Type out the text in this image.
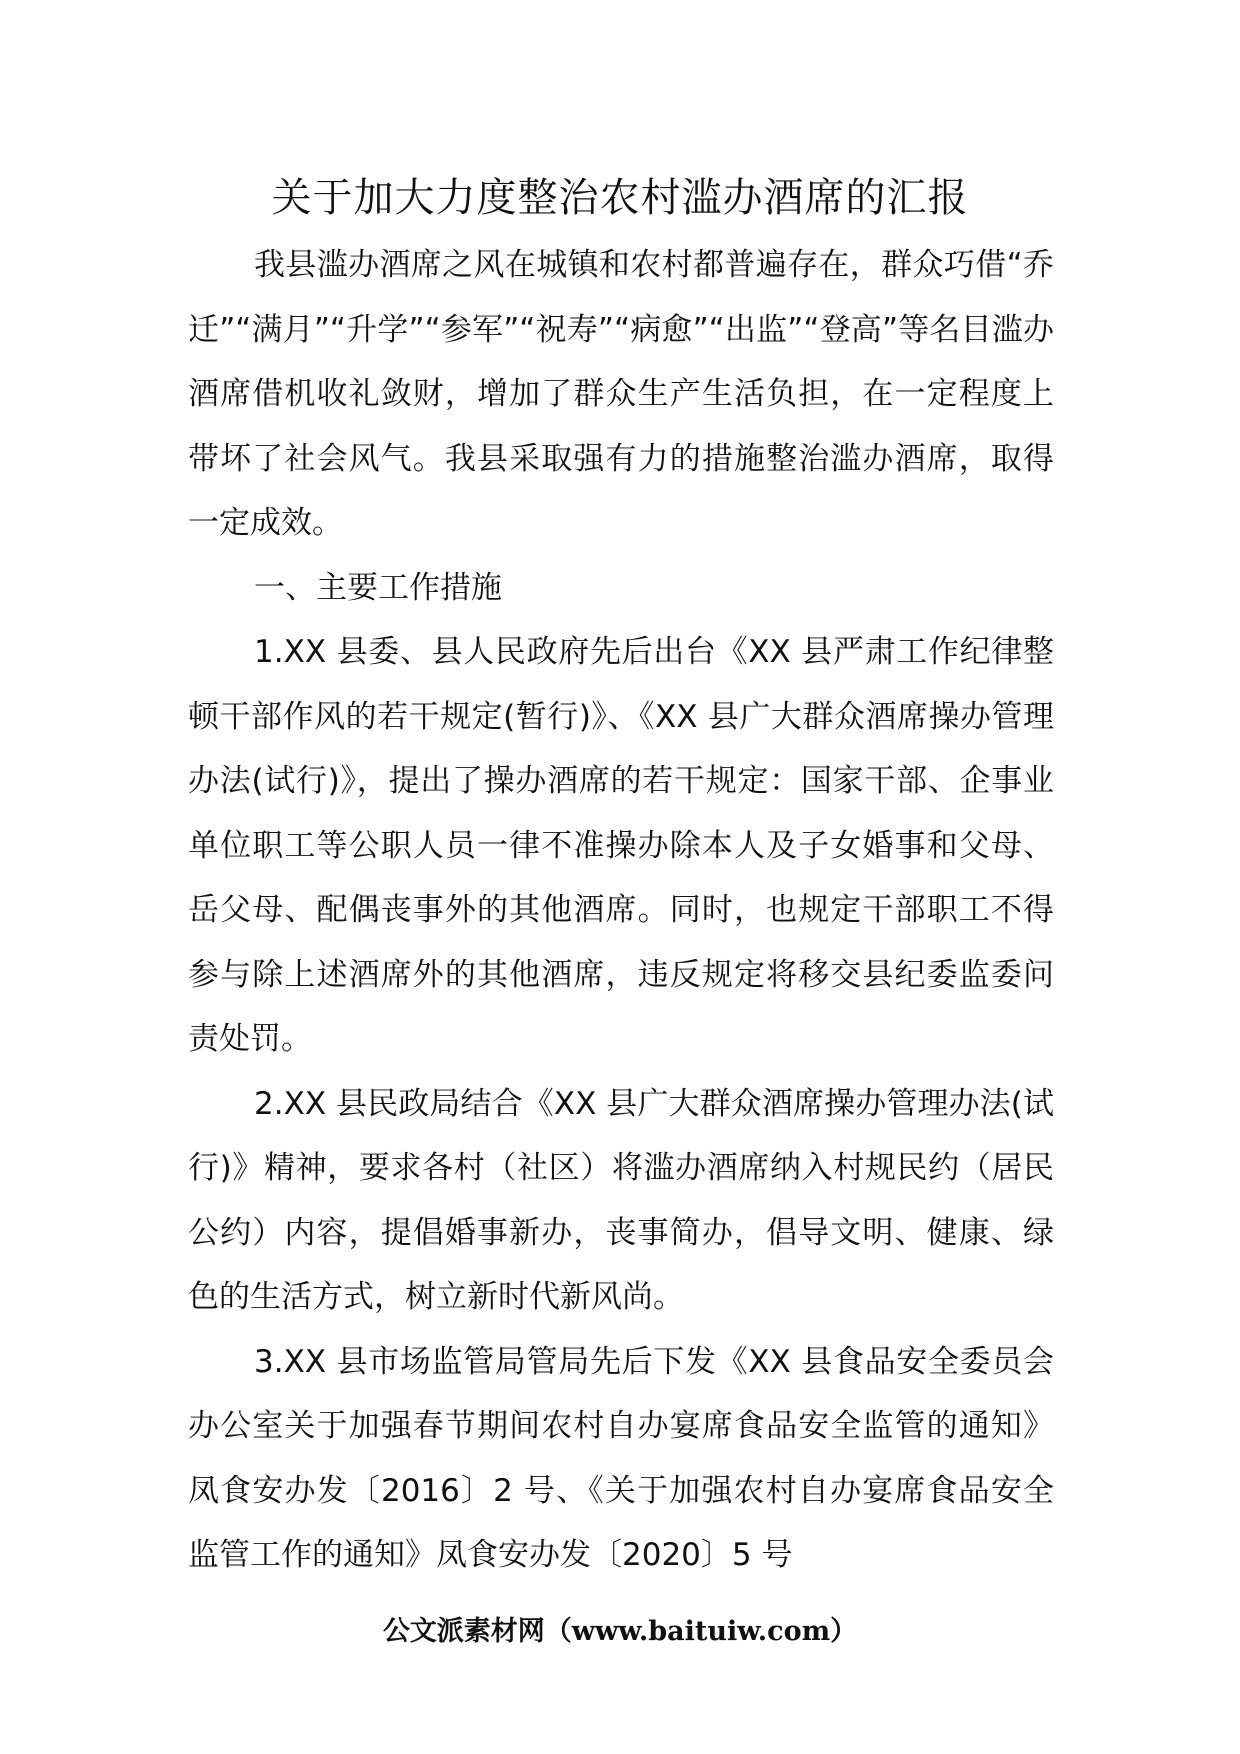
关于加大力度整治农村滥办酒席的汇报

我县滥办酒席之风在城镇和农村都普遍存在，群众巧借“乔迁”“满月”“升学”“参军”“祝寿”“病愈”“出监”“登高”等名目滥办酒席借机收礼敛财，增加了群众生产生活负担，在一定程度上带坏了社会风气。我县采取强有力的措施整治滥办酒席，取得一定成效。

一、主要工作措施

1.XX 县委、县人民政府先后出台《XX 县严肃工作纪律整顿干部作风的若干规定(暂行)》、《XX 县广大群众酒席操办管理办法(试行)》，提出了操办酒席的若干规定：国家干部、企事业单位职工等公职人员一律不准操办除本人及子女婚事和父母、岳父母、配偶丧事外的其他酒席。同时，也规定干部职工不得参与除上述酒席外的其他酒席，违反规定将移交县纪委监委问责处罚。

2.XX 县民政局结合《XX 县广大群众酒席操办管理办法(试行)》精神，要求各村（社区）将滥办酒席纳入村规民约（居民公约）内容，提倡婚事新办，丧事简办，倡导文明、健康、绿色的生活方式，树立新时代新风尚。

3.XX 县市场监管局管局先后下发《XX 县食品安全委员会办公室关于加强春节期间农村自办宴席食品安全监管的通知》凤食安办发〔2016〕2 号、《关于加强农村自办宴席食品安全监管工作的通知》凤食安办发〔2020〕5 号

公文派素材网（www.baituiw.com）
